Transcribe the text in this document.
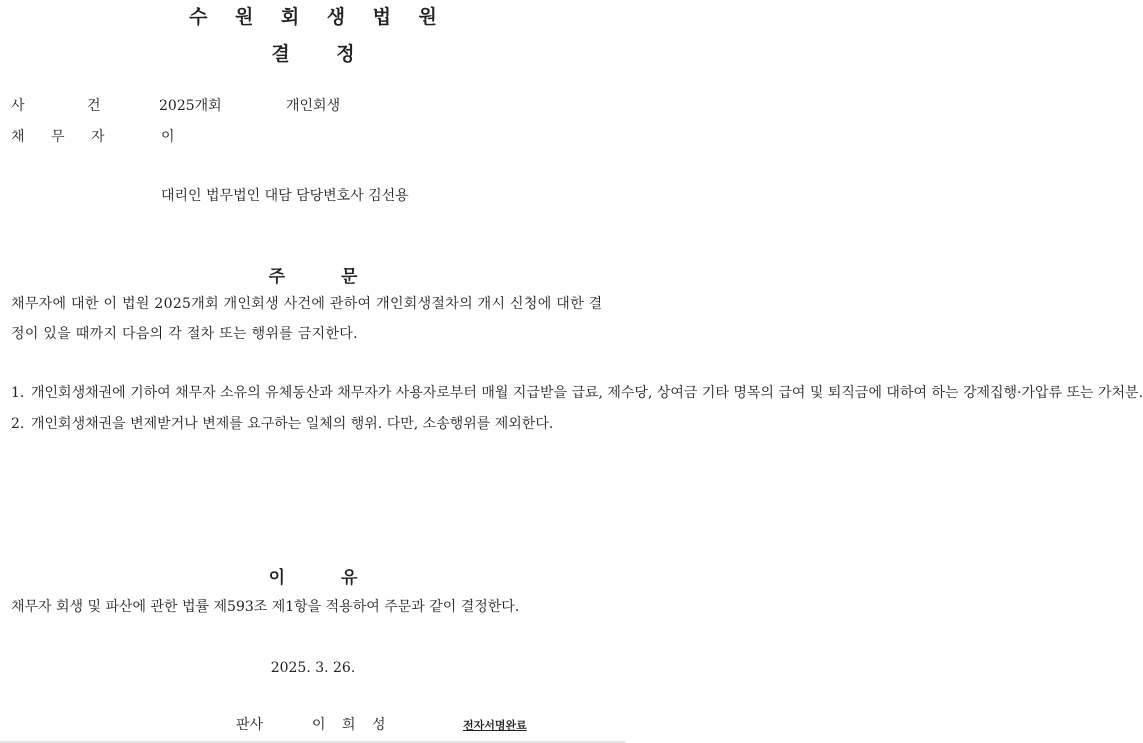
수 원 회 생 법 원
결 정
사 건	2025개회	개인회생
채 무 자	이
대리인 법무법인 대담 담당변호사 김선용
주 문
채무자에 대한 이 법원 2025개회 개인회생 사건에 관하여 개인회생절차의 개시 신청에 대한 결정이 있을 때까지 다음의 각 절차 또는 행위를 금지한다.
1. 개인회생채권에 기하여 채무자 소유의 유체동산과 채무자가 사용자로부터 매월 지급받을 급료, 제수당, 상여금 기타 명목의 급여 및 퇴직금에 대하여 하는 강제집행·가압류 또는 가처분.
2. 개인회생채권을 변제받거나 변제를 요구하는 일체의 행위. 다만, 소송행위를 제외한다.
이 유
채무자 회생 및 파산에 관한 법률 제593조 제1항을 적용하여 주문과 같이 결정한다.
2025. 3. 26.
판사	이 희 성	전자서명완료
